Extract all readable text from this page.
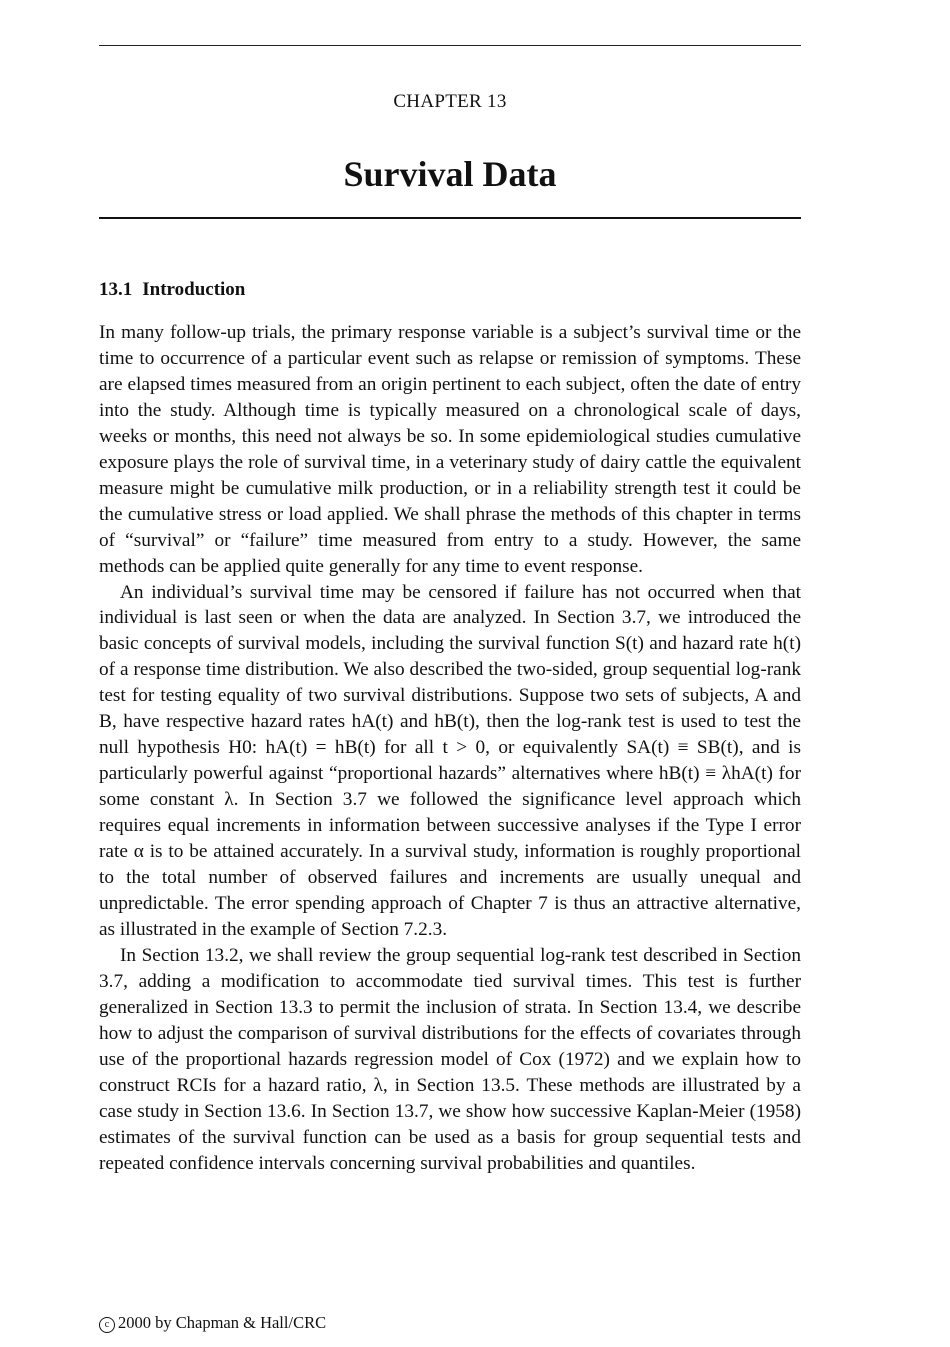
CHAPTER 13
Survival Data
13.1 Introduction

In many follow-up trials, the primary response variable is a subject’s survival time or the time to occurrence of a particular event such as relapse or remission of symptoms. These are elapsed times measured from an origin pertinent to each subject, often the date of entry into the study. Although time is typically measured on a chronological scale of days, weeks or months, this need not always be so. In some epidemiological studies cumulative exposure plays the role of survival time, in a veterinary study of dairy cattle the equivalent measure might be cumulative milk production, or in a reliability strength test it could be the cumulative stress or load applied. We shall phrase the methods of this chapter in terms of “survival” or “failure” time measured from entry to a study. However, the same methods can be applied quite generally for any time to event response.

An individual’s survival time may be censored if failure has not occurred when that individual is last seen or when the data are analyzed. In Section 3.7, we introduced the basic concepts of survival models, including the survival function S(t) and hazard rate h(t) of a response time distribution. We also described the two-sided, group sequential log-rank test for testing equality of two survival distributions. Suppose two sets of subjects, A and B, have respective hazard rates hA(t) and hB(t), then the log-rank test is used to test the null hypothesis H0: hA(t) = hB(t) for all t > 0, or equivalently SA(t) ≡ SB(t), and is particularly powerful against “proportional hazards” alternatives where hB(t) ≡ λhA(t) for some constant λ. In Section 3.7 we followed the significance level approach which requires equal increments in information between successive analyses if the Type I error rate α is to be attained accurately. In a survival study, information is roughly proportional to the total number of observed failures and increments are usually unequal and unpredictable. The error spending approach of Chapter 7 is thus an attractive alternative, as illustrated in the example of Section 7.2.3.

In Section 13.2, we shall review the group sequential log-rank test described in Section 3.7, adding a modification to accommodate tied survival times. This test is further generalized in Section 13.3 to permit the inclusion of strata. In Section 13.4, we describe how to adjust the comparison of survival distributions for the effects of covariates through use of the proportional hazards regression model of Cox (1972) and we explain how to construct RCIs for a hazard ratio, λ, in Section 13.5. These methods are illustrated by a case study in Section 13.6. In Section 13.7, we show how successive Kaplan-Meier (1958) estimates of the survival function can be used as a basis for group sequential tests and repeated confidence intervals concerning survival probabilities and quantiles.

c 2000 by Chapman & Hall/CRC
